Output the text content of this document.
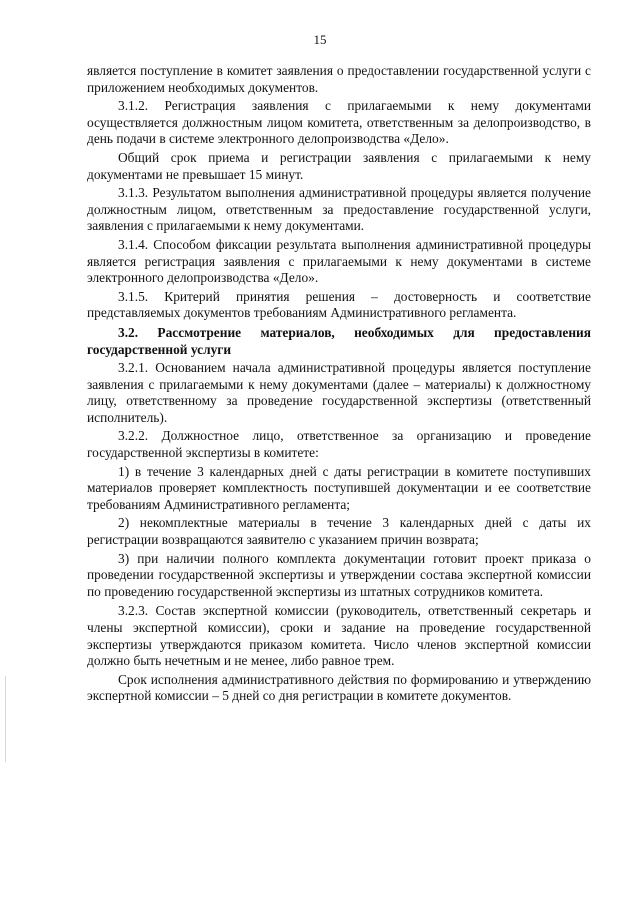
15

является поступление в комитет заявления о предоставлении государственной услуги с приложением необходимых документов.

3.1.2. Регистрация заявления с прилагаемыми к нему документами осуществляется должностным лицом комитета, ответственным за делопроизводство, в день подачи в системе электронного делопроизводства «Дело».

Общий срок приема и регистрации заявления с прилагаемыми к нему документами не превышает 15 минут.

3.1.3. Результатом выполнения административной процедуры является получение должностным лицом, ответственным за предоставление государственной услуги, заявления с прилагаемыми к нему документами.

3.1.4. Способом фиксации результата выполнения административной процедуры является регистрация заявления с прилагаемыми к нему документами в системе электронного делопроизводства «Дело».

3.1.5. Критерий принятия решения – достоверность и соответствие представляемых документов требованиям Административного регламента.

3.2. Рассмотрение материалов, необходимых для предоставления государственной услуги

3.2.1. Основанием начала административной процедуры является поступление заявления с прилагаемыми к нему документами (далее – материалы) к должностному лицу, ответственному за проведение государственной экспертизы (ответственный исполнитель).

3.2.2. Должностное лицо, ответственное за организацию и проведение государственной экспертизы в комитете:

1) в течение 3 календарных дней с даты регистрации в комитете поступивших материалов проверяет комплектность поступившей документации и ее соответствие требованиям Административного регламента;

2) некомплектные материалы в течение 3 календарных дней с даты их регистрации возвращаются заявителю с указанием причин возврата;

3) при наличии полного комплекта документации готовит проект приказа о проведении государственной экспертизы и утверждении состава экспертной комиссии по проведению государственной экспертизы из штатных сотрудников комитета.

3.2.3. Состав экспертной комиссии (руководитель, ответственный секретарь и члены экспертной комиссии), сроки и задание на проведение государственной экспертизы утверждаются приказом комитета. Число членов экспертной комиссии должно быть нечетным и не менее, либо равное трем.

Срок исполнения административного действия по формированию и утверждению экспертной комиссии – 5 дней со дня регистрации в комитете документов.
